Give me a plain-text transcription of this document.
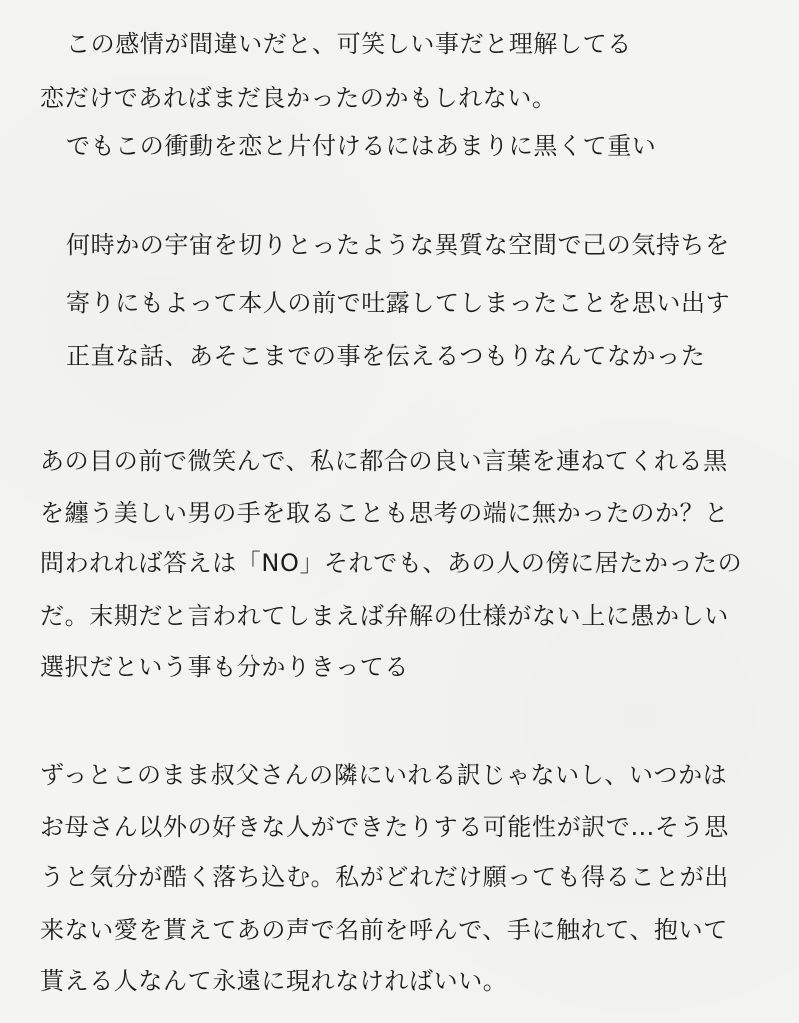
この感情が間違いだと、可笑しい事だと理解してる
恋だけであればまだ良かったのかもしれない。
でもこの衝動を恋と片付けるにはあまりに黒くて重い
何時かの宇宙を切りとったような異質な空間で己の気持ちを
寄りにもよって本人の前で吐露してしまったことを思い出す
正直な話、あそこまでの事を伝えるつもりなんてなかった
あの目の前で微笑んで、私に都合の良い言葉を連ねてくれる黒
を纏う美しい男の手を取ることも思考の端に無かったのか？と
問われれば答えは「NO」それでも、あの人の傍に居たかったの
だ。末期だと言われてしまえば弁解の仕様がない上に愚かしい
選択だという事も分かりきってる
ずっとこのまま叔父さんの隣にいれる訳じゃないし、いつかは
お母さん以外の好きな人ができたりする可能性が訳で…そう思
うと気分が酷く落ち込む。私がどれだけ願っても得ることが出
来ない愛を貰えてあの声で名前を呼んで、手に触れて、抱いて
貰える人なんて永遠に現れなければいい。
